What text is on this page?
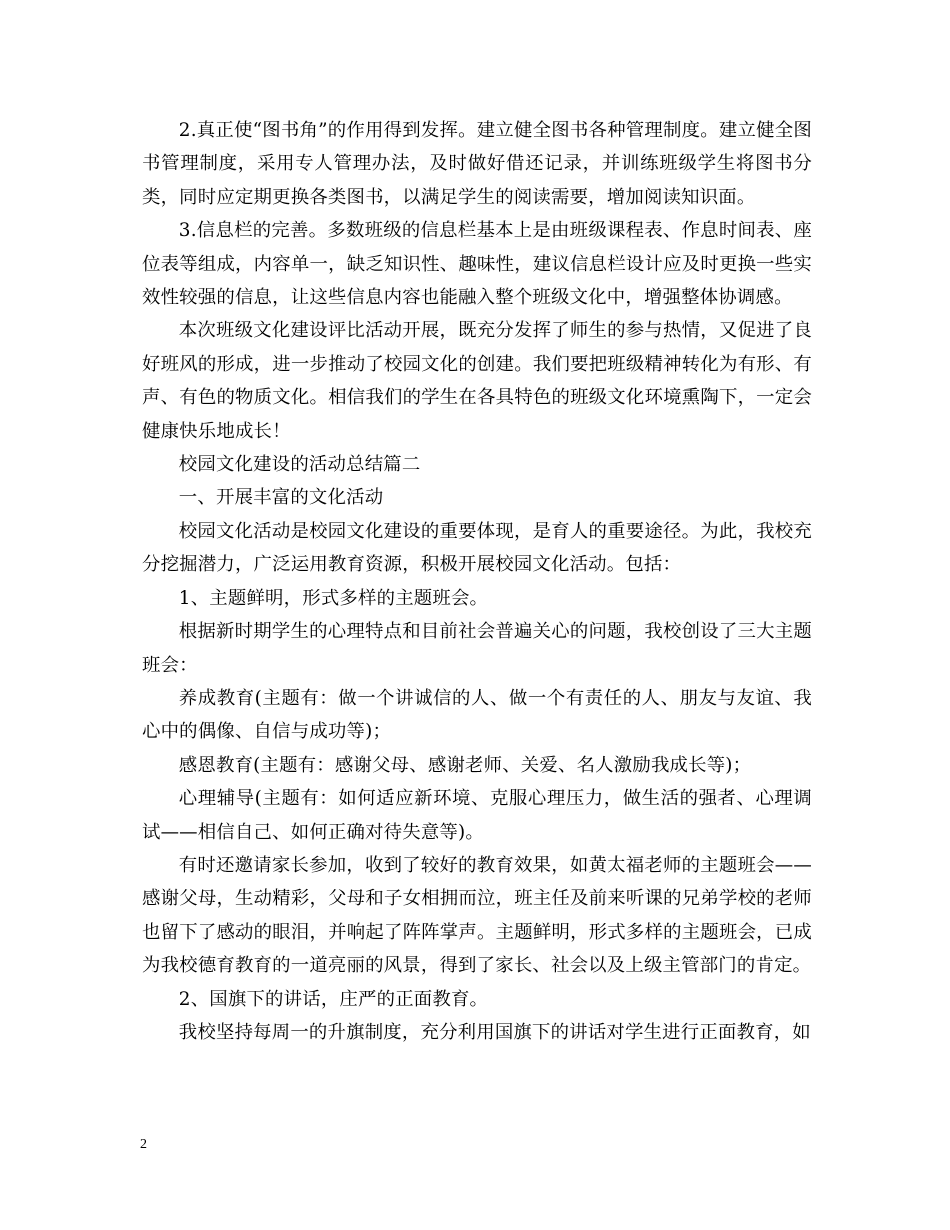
2.真正使“图书角”的作用得到发挥。建立健全图书各种管理制度。建立健全图书管理制度，采用专人管理办法，及时做好借还记录，并训练班级学生将图书分类，同时应定期更换各类图书，以满足学生的阅读需要，增加阅读知识面。

3.信息栏的完善。多数班级的信息栏基本上是由班级课程表、作息时间表、座位表等组成，内容单一，缺乏知识性、趣味性，建议信息栏设计应及时更换一些实效性较强的信息，让这些信息内容也能融入整个班级文化中，增强整体协调感。

本次班级文化建设评比活动开展，既充分发挥了师生的参与热情，又促进了良好班风的形成，进一步推动了校园文化的创建。我们要把班级精神转化为有形、有声、有色的物质文化。相信我们的学生在各具特色的班级文化环境熏陶下，一定会健康快乐地成长！

校园文化建设的活动总结篇二

一、开展丰富的文化活动

校园文化活动是校园文化建设的重要体现，是育人的重要途径。为此，我校充分挖掘潜力，广泛运用教育资源，积极开展校园文化活动。包括：

1、主题鲜明，形式多样的主题班会。

根据新时期学生的心理特点和目前社会普遍关心的问题，我校创设了三大主题班会：

养成教育(主题有：做一个讲诚信的人、做一个有责任的人、朋友与友谊、我心中的偶像、自信与成功等)；

感恩教育(主题有：感谢父母、感谢老师、关爱、名人激励我成长等)；

心理辅导(主题有：如何适应新环境、克服心理压力，做生活的强者、心理调试——相信自己、如何正确对待失意等)。

有时还邀请家长参加，收到了较好的教育效果，如黄太福老师的主题班会——感谢父母，生动精彩，父母和子女相拥而泣，班主任及前来听课的兄弟学校的老师也留下了感动的眼泪，并响起了阵阵掌声。主题鲜明，形式多样的主题班会，已成为我校德育教育的一道亮丽的风景，得到了家长、社会以及上级主管部门的肯定。

2、国旗下的讲话，庄严的正面教育。

我校坚持每周一的升旗制度，充分利用国旗下的讲话对学生进行正面教育，如

2
